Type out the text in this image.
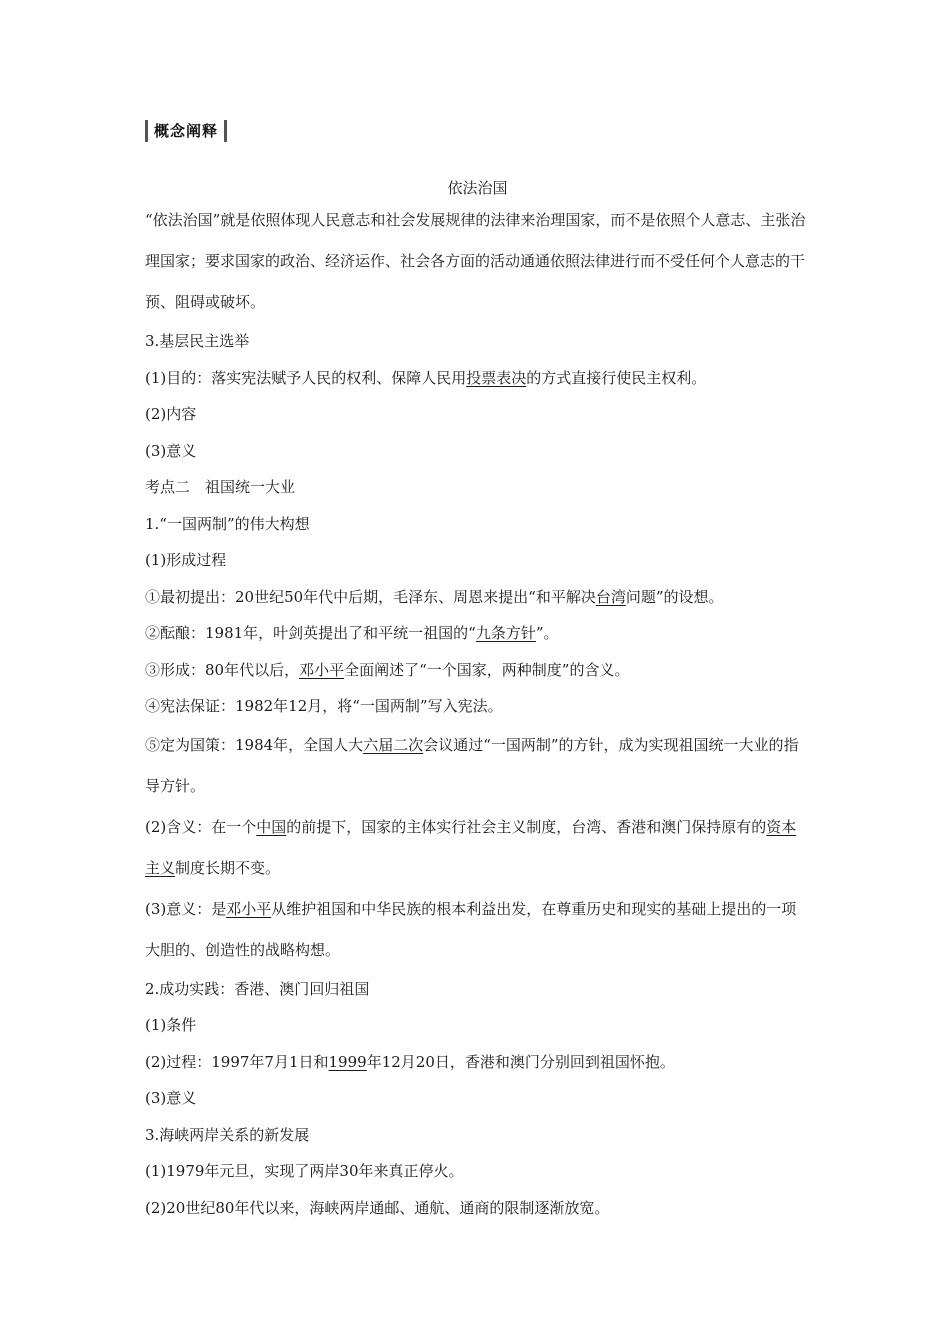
概念阐释
依法治国

“依法治国”就是依照体现人民意志和社会发展规律的法律来治理国家，而不是依照个人意志、主张治理国家；要求国家的政治、经济运作、社会各方面的活动通通依照法律进行而不受任何个人意志的干预、阻碍或破坏。

3.基层民主选举

(1)目的：落实宪法赋予人民的权利、保障人民用投票表决的方式直接行使民主权利。

(2)内容

(3)意义

考点二　祖国统一大业

1.“一国两制”的伟大构想

(1)形成过程

①最初提出：20世纪50年代中后期，毛泽东、周恩来提出“和平解决台湾问题”的设想。

②酝酿：1981年，叶剑英提出了和平统一祖国的“九条方针”。

③形成：80年代以后，邓小平全面阐述了“一个国家，两种制度”的含义。

④宪法保证：1982年12月，将“一国两制”写入宪法。

⑤定为国策：1984年，全国人大六届二次会议通过“一国两制”的方针，成为实现祖国统一大业的指导方针。

(2)含义：在一个中国的前提下，国家的主体实行社会主义制度，台湾、香港和澳门保持原有的资本主义制度长期不变。

(3)意义：是邓小平从维护祖国和中华民族的根本利益出发，在尊重历史和现实的基础上提出的一项大胆的、创造性的战略构想。

2.成功实践：香港、澳门回归祖国

(1)条件

(2)过程：1997年7月1日和1999年12月20日，香港和澳门分别回到祖国怀抱。

(3)意义

3.海峡两岸关系的新发展

(1)1979年元旦，实现了两岸30年来真正停火。

(2)20世纪80年代以来，海峡两岸通邮、通航、通商的限制逐渐放宽。
